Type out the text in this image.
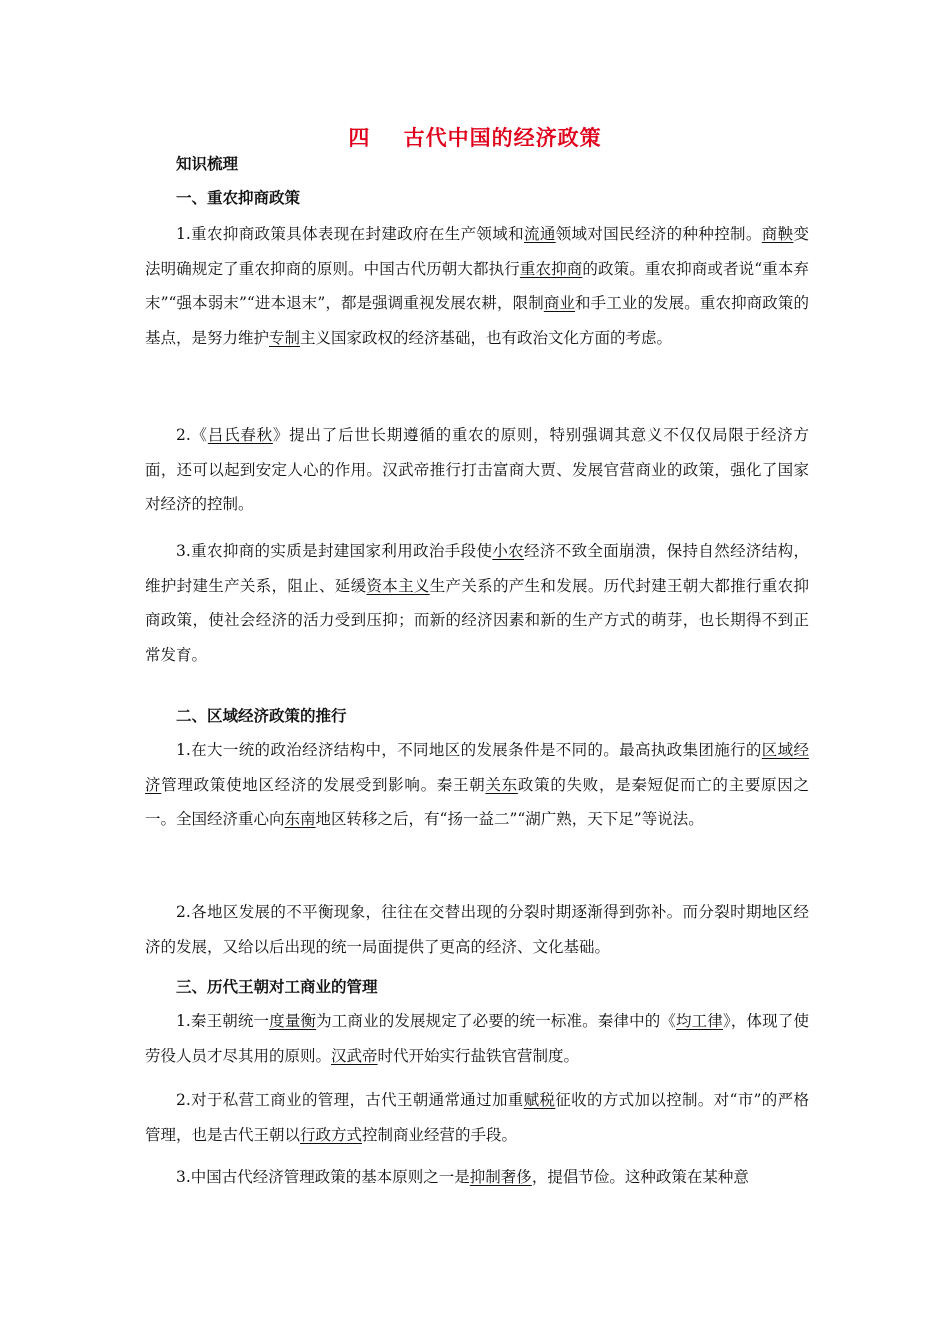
四    古代中国的经济政策
知识梳理
一、重农抑商政策
1.重农抑商政策具体表现在封建政府在生产领域和流通领域对国民经济的种种控制。商鞅变法明确规定了重农抑商的原则。中国古代历朝大都执行重农抑商的政策。重农抑商或者说“重本弃末”“强本弱末”“进本退末”，都是强调重视发展农耕，限制商业和手工业的发展。重农抑商政策的基点，是努力维护专制主义国家政权的经济基础，也有政治文化方面的考虑。
2.《吕氏春秋》提出了后世长期遵循的重农的原则，特别强调其意义不仅仅局限于经济方面，还可以起到安定人心的作用。汉武帝推行打击富商大贾、发展官营商业的政策，强化了国家对经济的控制。
3.重农抑商的实质是封建国家利用政治手段使小农经济不致全面崩溃，保持自然经济结构，维护封建生产关系，阻止、延缓资本主义生产关系的产生和发展。历代封建王朝大都推行重农抑商政策，使社会经济的活力受到压抑；而新的经济因素和新的生产方式的萌芽，也长期得不到正常发育。
二、区域经济政策的推行
1.在大一统的政治经济结构中，不同地区的发展条件是不同的。最高执政集团施行的区域经济管理政策使地区经济的发展受到影响。秦王朝关东政策的失败，是秦短促而亡的主要原因之一。全国经济重心向东南地区转移之后，有“扬一益二”“湖广熟，天下足”等说法。
2.各地区发展的不平衡现象，往往在交替出现的分裂时期逐渐得到弥补。而分裂时期地区经济的发展，又给以后出现的统一局面提供了更高的经济、文化基础。
三、历代王朝对工商业的管理
1.秦王朝统一度量衡为工商业的发展规定了必要的统一标准。秦律中的《均工律》，体现了使劳役人员才尽其用的原则。汉武帝时代开始实行盐铁官营制度。
2.对于私营工商业的管理，古代王朝通常通过加重赋税征收的方式加以控制。对“市”的严格管理，也是古代王朝以行政方式控制商业经营的手段。
3.中国古代经济管理政策的基本原则之一是抑制奢侈，提倡节俭。这种政策在某种意
